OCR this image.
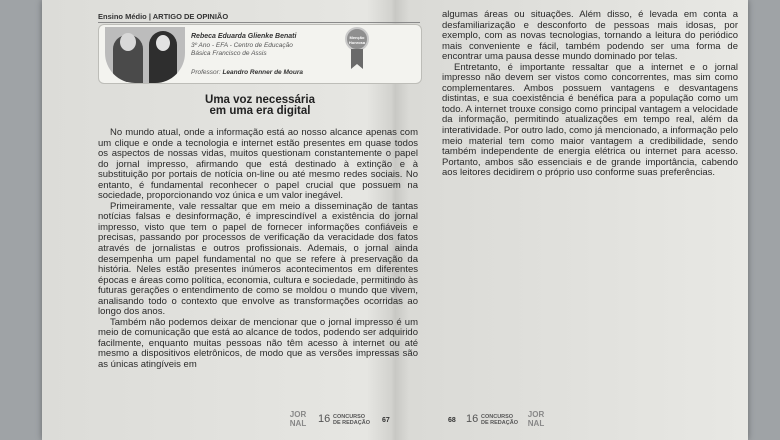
Ensino Médio | ARTIGO DE OPINIÃO
Rebeca Eduarda Glienke Benati
3º Ano - EFA - Centro de Educação
Básica Francisco de Assis
Professor: Leandro Renner de Moura
Menção Honrosa
Uma voz necessária
em uma era digital

No mundo atual, onde a informação está ao nosso alcance apenas com um clique e onde a tecnologia e internet estão presentes em quase todos os aspectos de nossas vidas, muitos questionam constantemente o papel do jornal impresso, afirmando que está destinado à extinção e à substituição por portais de notícia on-line ou até mesmo redes sociais. No entanto, é fundamental reconhecer o papel crucial que possuem na sociedade, proporcionando voz única e um valor inegável.

Primeiramente, vale ressaltar que em meio a disseminação de tantas notícias falsas e desinformação, é imprescindível a existência do jornal impresso, visto que tem o papel de fornecer informações confiáveis e precisas, passando por processos de verificação da veracidade dos fatos através de jornalistas e outros profissionais. Ademais, o jornal ainda desempenha um papel fundamental no que se refere à preservação da história. Neles estão presentes inúmeros acontecimentos em diferentes épocas e áreas como política, economia, cultura e sociedade, permitindo às futuras gerações o entendimento de como se moldou o mundo que vivem, analisando todo o contexto que envolve as transformações ocorridas ao longo dos anos.

Também não podemos deixar de mencionar que o jornal impresso é um meio de comunicação que está ao alcance de todos, podendo ser adquirido facilmente, enquanto muitas pessoas não têm acesso à internet ou até mesmo a dispositivos eletrônicos, de modo que as versões impressas são as únicas atingíveis em

JOR
NAL	16 CONCURSO
DE REDAÇÃO 67

algumas áreas ou situações. Além disso, é levada em conta a desfamiliarização e desconforto de pessoas mais idosas, por exemplo, com as novas tecnologias, tornando a leitura do periódico mais conveniente e fácil, também podendo ser uma forma de encontrar uma pausa desse mundo dominado por telas.

Entretanto, é importante ressaltar que a internet e o jornal impresso não devem ser vistos como concorrentes, mas sim como complementares. Ambos possuem vantagens e desvantagens distintas, e sua coexistência é benéfica para a população como um todo. A internet trouxe consigo como principal vantagem a velocidade da informação, permitindo atualizações em tempo real, além da interatividade. Por outro lado, como já mencionado, a informação pelo meio material tem como maior vantagem a credibilidade, sendo também independente de energia elétrica ou internet para acesso. Portanto, ambos são essenciais e de grande importância, cabendo aos leitores decidirem o próprio uso conforme suas preferências.

68 16 CONCURSO
DE REDAÇÃO
JOR
NAL
